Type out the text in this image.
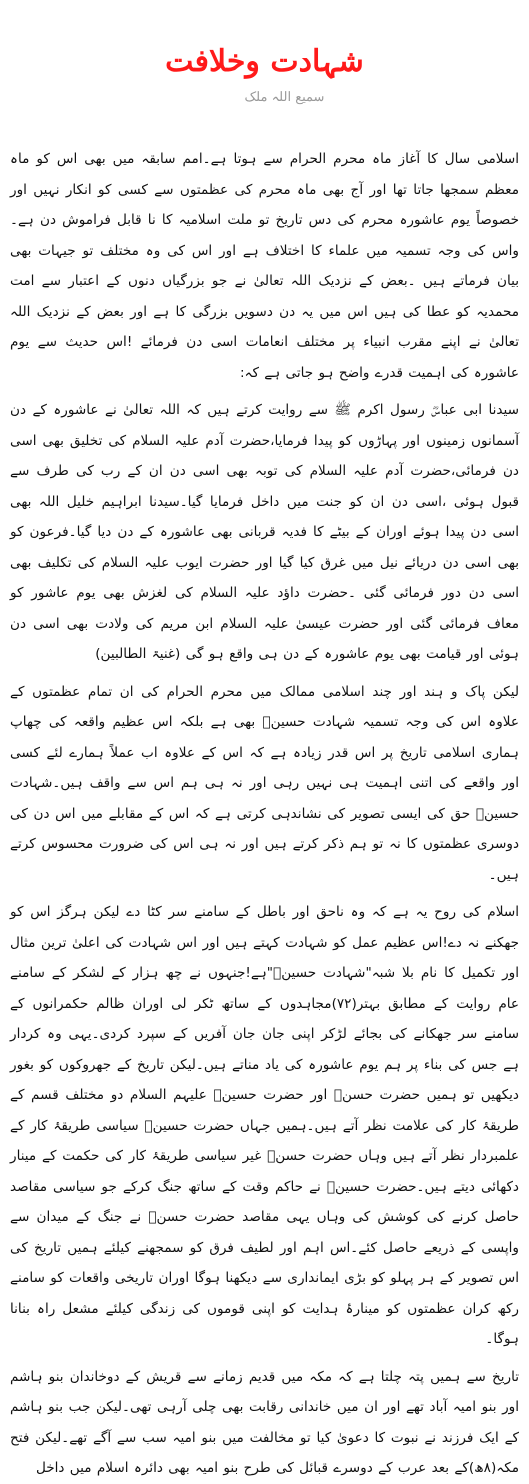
شہادت وخلافت
سمیع اللہ ملک

اسلامی سال کا آغاز ماہ محرم الحرام سے ہوتا ہے۔امم سابقہ میں بھی اس کو ماہ معظم سمجھا جاتا تھا اور آج بھی ماہ محرم کی عظمتوں سے کسی کو انکار نہیں اور خصوصاً یوم عاشورہ محرم کی دس تاریخ تو ملت اسلامیہ کا نا قابل فراموش دن ہے۔ واس کی وجہ تسمیہ میں علماء کا اختلاف ہے اور اس کی وہ مختلف تو جیہات بھی بیان فرماتے ہیں ۔بعض کے نزدیک اللہ تعالیٰ نے جو بزرگیاں دنوں کے اعتبار سے امت محمدیہ کو عطا کی ہیں اس میں یہ دن دسویں بزرگی کا ہے اور بعض کے نزدیک اللہ تعالیٰ نے اپنے مقرب انبیاء پر مختلف انعامات اسی دن فرمائے !اس حدیث سے یوم عاشورہ کی اہمیت قدرے واضح ہو جاتی ہے کہ:

سیدنا ابی عباسؓ رسول اکرم ﷺ سے روایت کرتے ہیں کہ اللہ تعالیٰ نے عاشورہ کے دن آسمانوں زمینوں اور پہاڑوں کو پیدا فرمایا،حضرت آدم علیہ السلام کی تخلیق بھی اسی دن فرمائی،حضرت آدم علیہ السلام کی توبہ بھی اسی دن ان کے رب کی طرف سے قبول ہوئی ،اسی دن ان کو جنت میں داخل فرمایا گیا۔سیدنا ابراہیم خلیل اللہ بھی اسی دن پیدا ہوئے اوران کے بیٹے کا فدیہ قربانی بھی عاشورہ کے دن دیا گیا۔فرعون کو بھی اسی دن دریائے نیل میں غرق کیا گیا اور حضرت ایوب علیہ السلام کی تکلیف بھی اسی دن دور فرمائی گئی ۔حضرت داؤد علیہ السلام کی لغزش بھی یوم عاشور کو معاف فرمائی گئی اور حضرت عیسیٰ علیہ السلام ابن مریم کی ولادت بھی اسی دن ہوئی اور قیامت بھی یوم عاشورہ کے دن ہی واقع ہو گی (غنیۃ الطالبین)

لیکن پاک و ہند اور چند اسلامی ممالک میں محرم الحرام کی ان تمام عظمتوں کے علاوہ اس کی وجہ تسمیہ شہادت حسینؓ بھی ہے بلکہ اس عظیم واقعہ کی چھاپ ہماری اسلامی تاریخ پر اس قدر زیادہ ہے کہ اس کے علاوہ اب عملاً ہمارے لئے کسی اور واقعے کی اتنی اہمیت ہی نہیں رہی اور نہ ہی ہم اس سے واقف ہیں۔شہادت حسینؓ حق کی ایسی تصویر کی نشاندہی کرتی ہے کہ اس کے مقابلے میں اس دن کی دوسری عظمتوں کا نہ تو ہم ذکر کرتے ہیں اور نہ ہی اس کی ضرورت محسوس کرتے ہیں۔

اسلام کی روح یہ ہے کہ وہ ناحق اور باطل کے سامنے سر کٹا دے لیکن ہرگز اس کو جھکنے نہ دے!اس عظیم عمل کو شہادت کہتے ہیں اور اس شہادت کی اعلیٰ ترین مثال اور تکمیل کا نام بلا شبہ"شہادت حسینؓ"ہے!جنہوں نے چھ ہزار کے لشکر کے سامنے عام روایت کے مطابق بہتر(۷۲)مجاہدوں کے ساتھ ٹکر لی اوران ظالم حکمرانوں کے سامنے سر جھکانے کی بجائے لڑکر اپنی جان جان آفریں کے سپرد کردی۔یہی وہ کردار ہے جس کی بناء پر ہم یوم عاشورہ کی یاد مناتے ہیں۔لیکن تاریخ کے جھروکوں کو بغور دیکھیں تو ہمیں حضرت حسنؓ اور حضرت حسینؓ علیہم السلام دو مختلف قسم کے طریقۂ کار کی علامت نظر آتے ہیں۔ہمیں جہاں حضرت حسینؓ سیاسی طریقۂ کار کے علمبردار نظر آتے ہیں وہاں حضرت حسنؓ غیر سیاسی طریقۂ کار کی حکمت کے مینار دکھائی دیتے ہیں۔حضرت حسینؓ نے حاکم وقت کے ساتھ جنگ کرکے جو سیاسی مقاصد حاصل کرنے کی کوشش کی وہاں یہی مقاصد حضرت حسنؓ نے جنگ کے میدان سے واپسی کے ذریعے حاصل کئے۔اس اہم اور لطیف فرق کو سمجھنے کیلئے ہمیں تاریخ کی اس تصویر کے ہر پہلو کو بڑی ایمانداری سے دیکھنا ہوگا اوران تاریخی واقعات کو سامنے رکھ کران عظمتوں کو مینارۂ ہدایت کو اپنی قوموں کی زندگی کیلئے مشعل راہ بنانا ہوگا۔

تاریخ سے ہمیں پتہ چلتا ہے کہ مکہ میں قدیم زمانے سے قریش کے دوخاندان بنو ہاشم اور بنو امیہ آباد تھے اور ان میں خاندانی رقابت بھی چلی آرہی تھی۔لیکن جب بنو ہاشم کے ایک فرزند نے نبوت کا دعویٰ کیا تو مخالفت میں بنو امیہ سب سے آگے تھے۔لیکن فتح مکہ(۸ھ)کے بعد عرب کے دوسرے قبائل کی طرح بنو امیہ بھی دائرہ اسلام میں داخل
